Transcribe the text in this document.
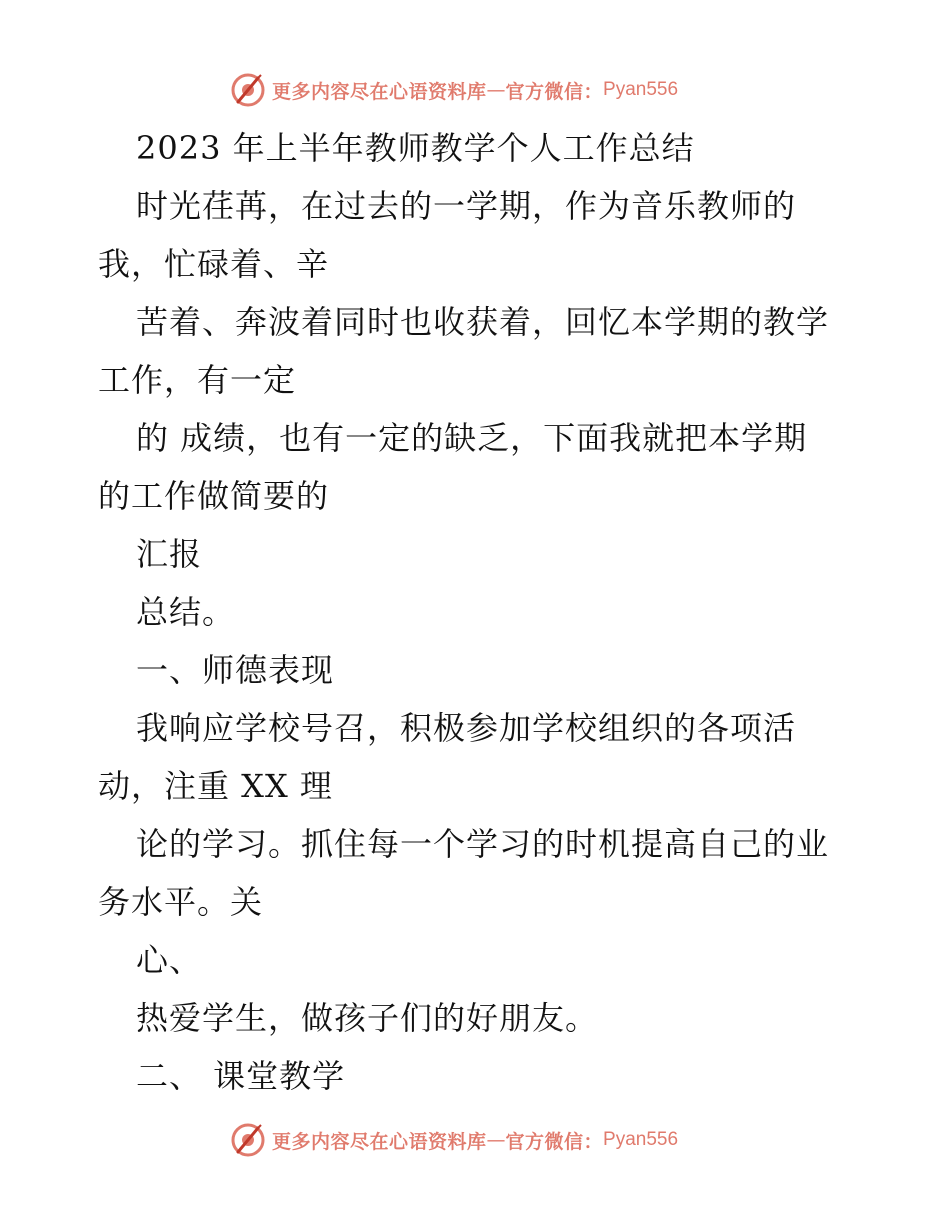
更多内容尽在心语资料库 — 官方微信： Pyan556
2023 年上半年教师教学个人工作总结
时光荏苒，在过去的一学期，作为音乐教师的
我，忙碌着、辛
苦着、奔波着同时也收获着，回忆本学期的教学
工作，有一定
的 成绩，也有一定的缺乏，下面我就把本学期
的工作做简要的
汇报
总结。
一、师德表现
我响应学校号召，积极参加学校组织的各项活
动，注重 XX 理
论的学习。抓住每一个学习的时机提高自己的业
务水平。关
心、
热爱学生，做孩子们的好朋友。
二、 课堂教学
更多内容尽在心语资料库 — 官方微信： Pyan556
